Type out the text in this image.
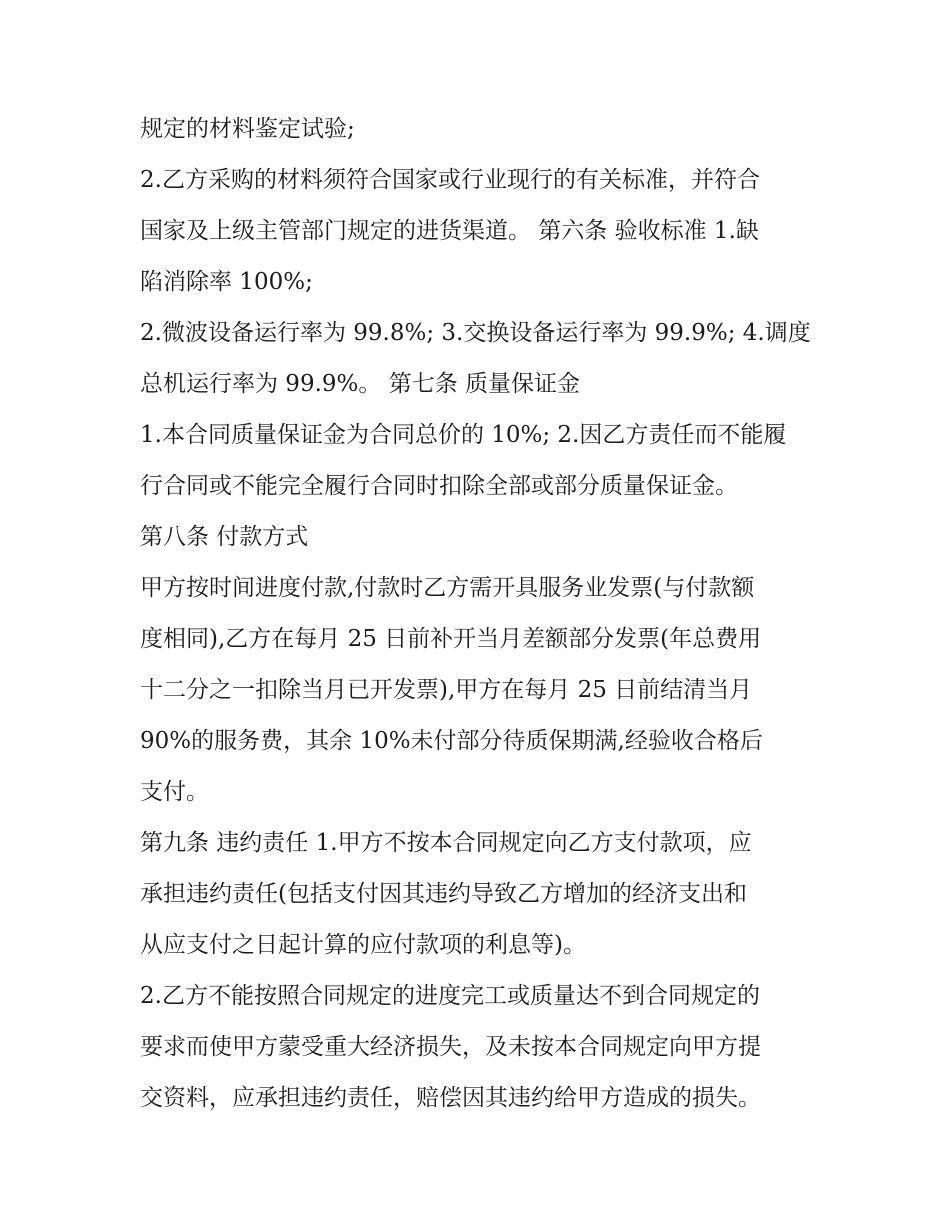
规定的材料鉴定试验;
2.乙方采购的材料须符合国家或行业现行的有关标准，并符合
国家及上级主管部门规定的进货渠道。 第六条 验收标准 1.缺
陷消除率 100%;
2.微波设备运行率为 99.8%; 3.交换设备运行率为 99.9%; 4.调度
总机运行率为 99.9%。 第七条 质量保证金
1.本合同质量保证金为合同总价的 10%; 2.因乙方责任而不能履
行合同或不能完全履行合同时扣除全部或部分质量保证金。
第八条 付款方式
甲方按时间进度付款,付款时乙方需开具服务业发票(与付款额
度相同),乙方在每月 25 日前补开当月差额部分发票(年总费用
十二分之一扣除当月已开发票),甲方在每月 25 日前结清当月
90%的服务费，其余 10%未付部分待质保期满,经验收合格后
支付。
第九条 违约责任 1.甲方不按本合同规定向乙方支付款项，应
承担违约责任(包括支付因其违约导致乙方增加的经济支出和
从应支付之日起计算的应付款项的利息等)。
2.乙方不能按照合同规定的进度完工或质量达不到合同规定的
要求而使甲方蒙受重大经济损失，及未按本合同规定向甲方提
交资料，应承担违约责任，赔偿因其违约给甲方造成的损失。
